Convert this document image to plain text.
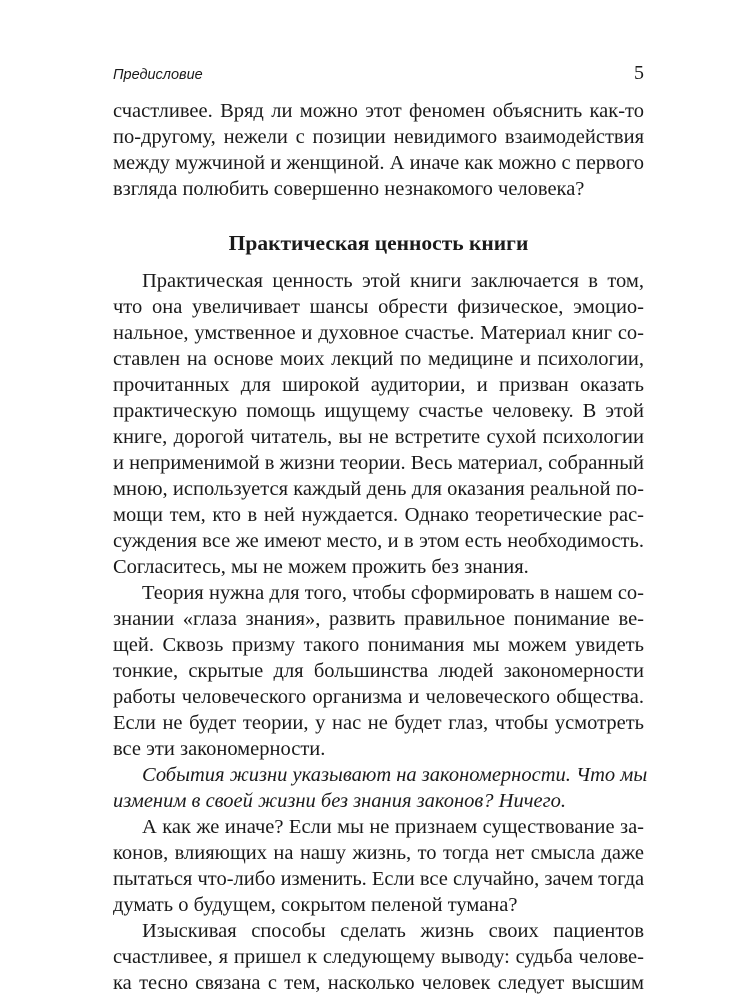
Предисловие	5
счастливее. Вряд ли можно этот феномен объяснить как-то
по-другому, нежели с позиции невидимого взаимодействия
между мужчиной и женщиной. А иначе как можно с первого
взгляда полюбить совершенно незнакомого человека?
Практическая ценность книги
Практическая ценность этой книги заключается в том,
что она увеличивает шансы обрести физическое, эмоцио-
нальное, умственное и духовное счастье. Материал книг со-
ставлен на основе моих лекций по медицине и психологии,
прочитанных для широкой аудитории, и призван оказать
практическую помощь ищущему счастье человеку. В этой
книге, дорогой читатель, вы не встретите сухой психологии
и неприменимой в жизни теории. Весь материал, собранный
мною, используется каждый день для оказания реальной по-
мощи тем, кто в ней нуждается. Однако теоретические рас-
суждения все же имеют место, и в этом есть необходимость.
Согласитесь, мы не можем прожить без знания.
Теория нужна для того, чтобы сформировать в нашем со-
знании «глаза знания», развить правильное понимание ве-
щей. Сквозь призму такого понимания мы можем увидеть
тонкие, скрытые для большинства людей закономерности
работы человеческого организма и человеческого общества.
Если не будет теории, у нас не будет глаз, чтобы усмотреть
все эти закономерности.
События жизни указывают на закономерности. Что мы
изменим в своей жизни без знания законов? Ничего.
А как же иначе? Если мы не признаем существование за-
конов, влияющих на нашу жизнь, то тогда нет смысла даже
пытаться что-либо изменить. Если все случайно, зачем тогда
думать о будущем, сокрытом пеленой тумана?
Изыскивая способы сделать жизнь своих пациентов
счастливее, я пришел к следующему выводу: судьба челове-
ка тесно связана с тем, насколько человек следует высшим
